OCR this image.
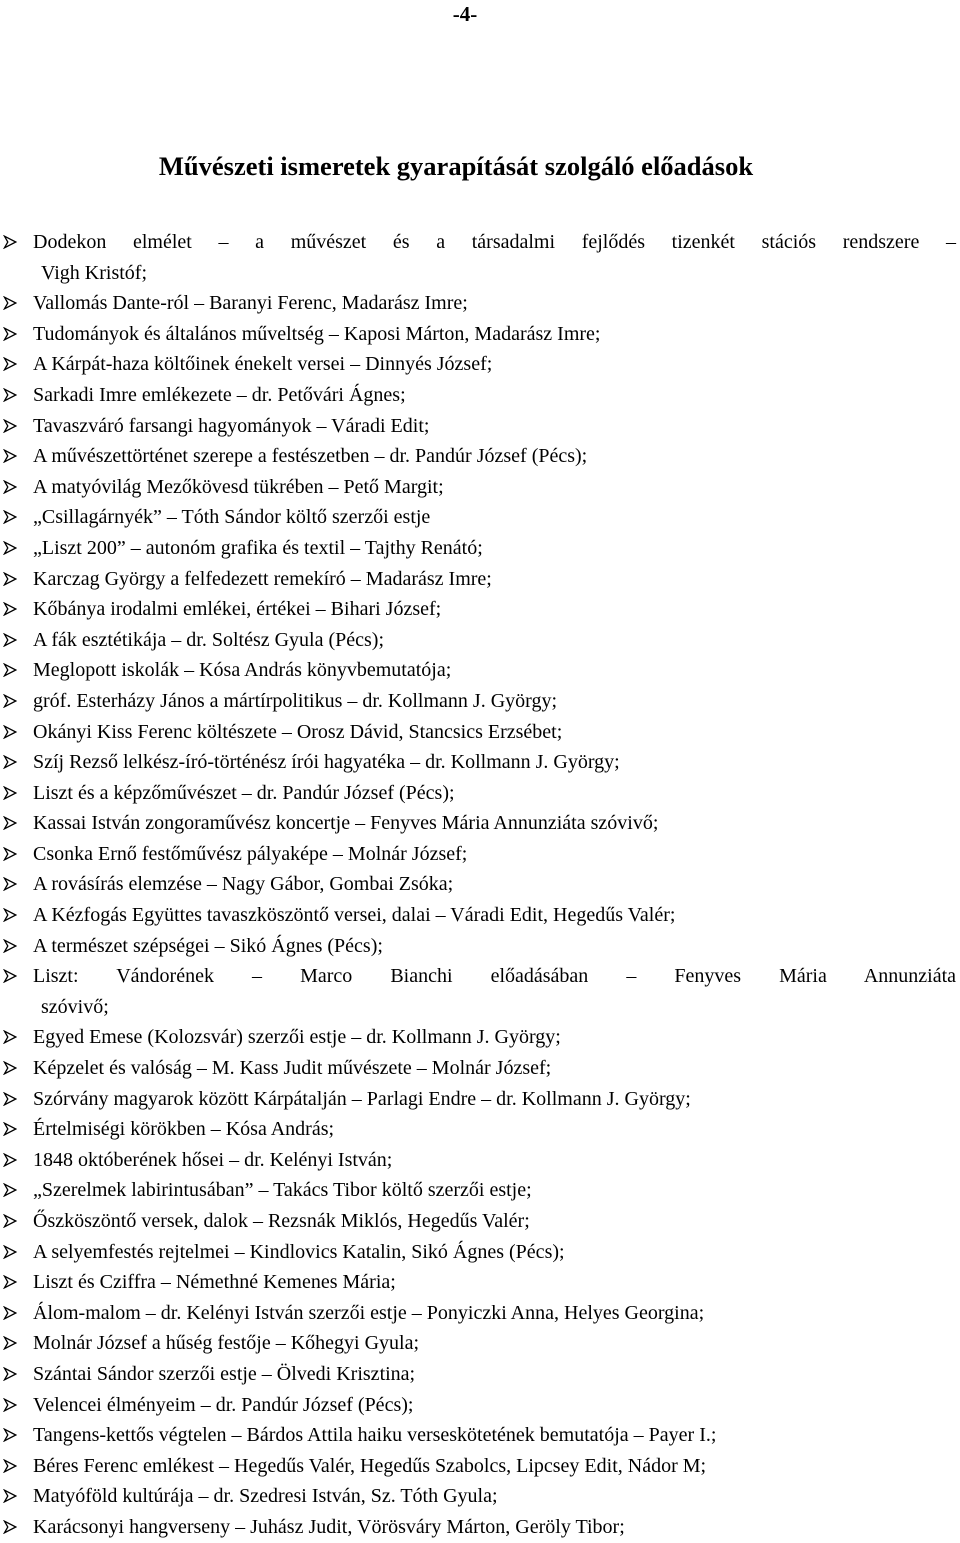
-4-
Művészeti ismeretek gyarapítását szolgáló előadások
Dodekon elmélet – a művészet és a társadalmi fejlődés tizenkét stációs rendszere –
Vigh Kristóf;
Vallomás Dante-ról – Baranyi Ferenc, Madarász Imre;
Tudományok és általános műveltség – Kaposi Márton, Madarász Imre;
A Kárpát-haza költőinek énekelt versei – Dinnyés József;
Sarkadi Imre emlékezete – dr. Petővári Ágnes;
Tavaszváró farsangi hagyományok – Váradi Edit;
A művészettörténet szerepe a festészetben – dr. Pandúr József (Pécs);
A matyóvilág Mezőkövesd tükrében – Pető Margit;
„Csillagárnyék” – Tóth Sándor költő szerzői estje
„Liszt 200” – autonóm grafika és textil – Tajthy Renátó;
Karczag György a felfedezett remekíró – Madarász Imre;
Kőbánya irodalmi emlékei, értékei – Bihari József;
A fák esztétikája – dr. Soltész Gyula (Pécs);
Meglopott iskolák – Kósa András könyvbemutatója;
gróf. Esterházy János a mártírpolitikus – dr. Kollmann J. György;
Okányi Kiss Ferenc költészete – Orosz Dávid, Stancsics Erzsébet;
Szíj Rezső lelkész-író-történész írói hagyatéka – dr. Kollmann J. György;
Liszt és a képzőművészet – dr. Pandúr József (Pécs);
Kassai István zongoraművész koncertje – Fenyves Mária Annunziáta szóvivő;
Csonka Ernő festőművész pályaképe – Molnár József;
A rovásírás elemzése – Nagy Gábor, Gombai Zsóka;
A Kézfogás Együttes tavaszköszöntő versei, dalai – Váradi Edit, Hegedűs Valér;
A természet szépségei – Sikó Ágnes (Pécs);
Liszt: Vándorének – Marco Bianchi előadásában – Fenyves Mária Annunziáta
szóvivő;
Egyed Emese (Kolozsvár) szerzői estje – dr. Kollmann J. György;
Képzelet és valóság – M. Kass Judit művészete – Molnár József;
Szórvány magyarok között Kárpátalján – Parlagi Endre – dr. Kollmann J. György;
Értelmiségi körökben – Kósa András;
1848 októberének hősei – dr. Kelényi István;
„Szerelmek labirintusában” – Takács Tibor költő szerzői estje;
Őszköszöntő versek, dalok – Rezsnák Miklós, Hegedűs Valér;
A selyemfestés rejtelmei – Kindlovics Katalin, Sikó Ágnes (Pécs);
Liszt és Cziffra – Némethné Kemenes Mária;
Álom-malom – dr. Kelényi István szerzői estje – Ponyiczki Anna, Helyes Georgina;
Molnár József a hűség festője – Kőhegyi Gyula;
Szántai Sándor szerzői estje – Ölvedi Krisztina;
Velencei élményeim – dr. Pandúr József (Pécs);
Tangens-kettős végtelen – Bárdos Attila haiku verseskötetének bemutatója – Payer I.;
Béres Ferenc emlékest – Hegedűs Valér, Hegedűs Szabolcs, Lipcsey Edit, Nádor M;
Matyóföld kultúrája – dr. Szedresi István, Sz. Tóth Gyula;
Karácsonyi hangverseny – Juhász Judit, Vörösváry Márton, Geröly Tibor;
